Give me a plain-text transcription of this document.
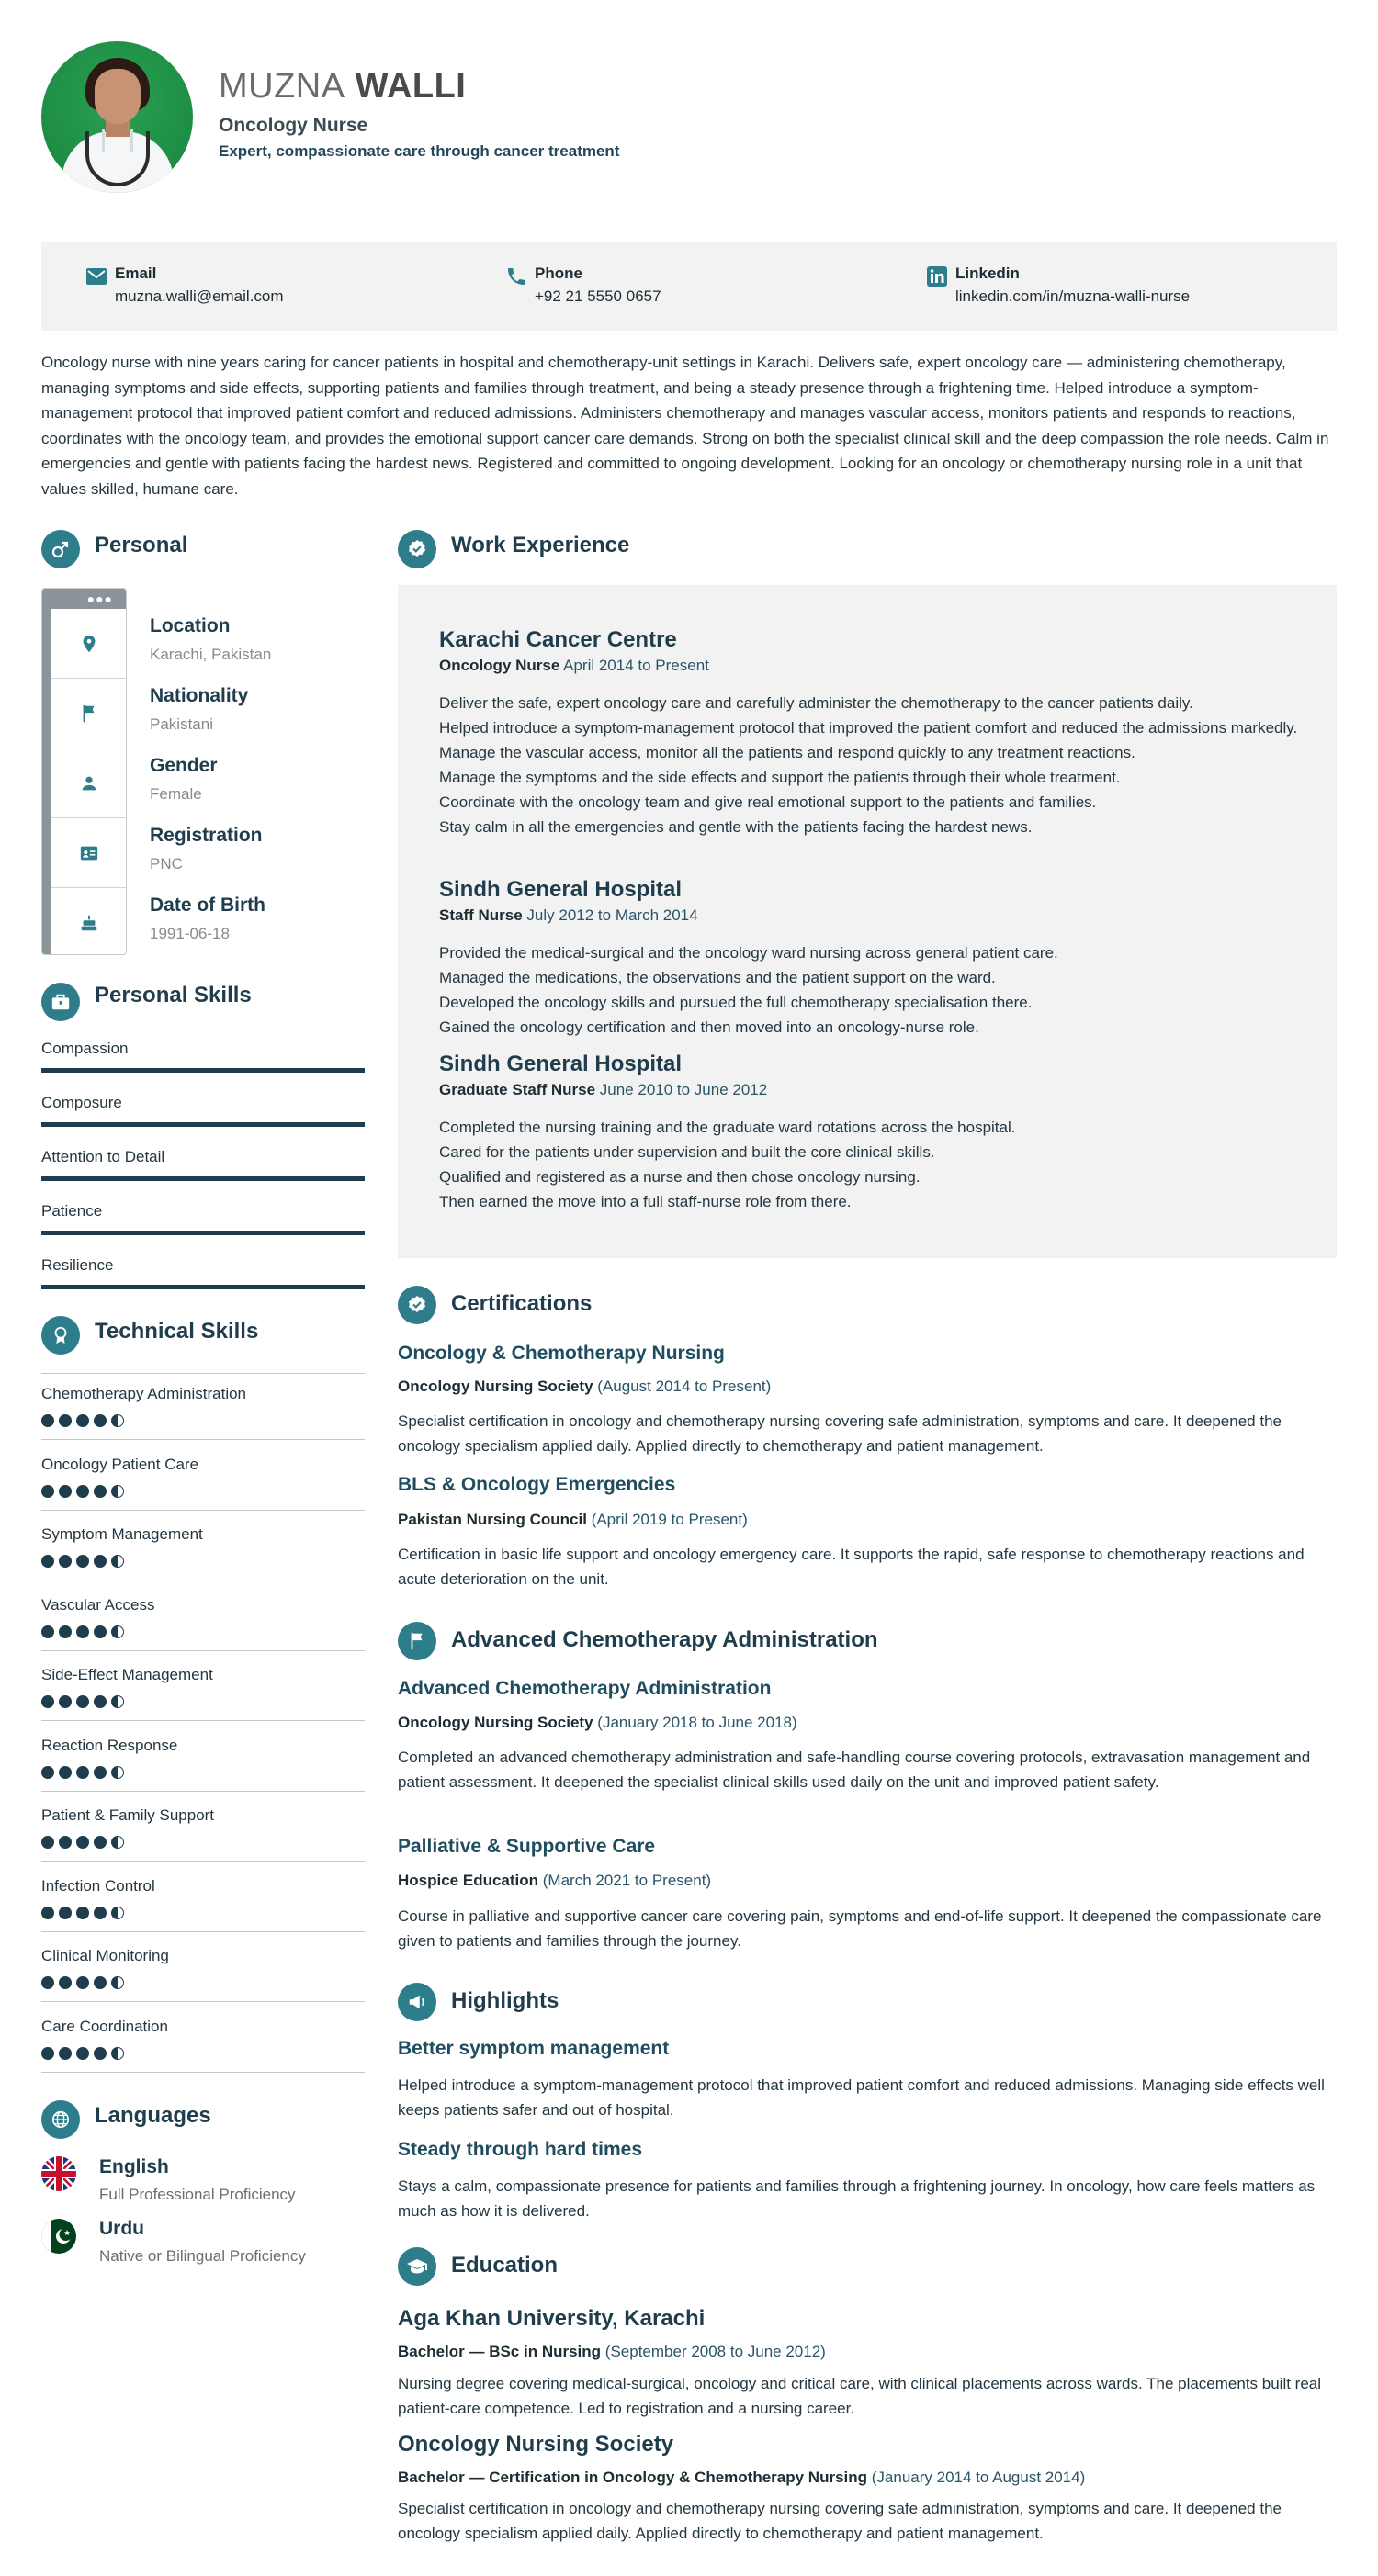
MUZNA WALLI
Oncology Nurse
Expert, compassionate care through cancer treatment
Email
muzna.walli@email.com
Phone
+92 21 5550 0657
Linkedin
linkedin.com/in/muzna-walli-nurse
Oncology nurse with nine years caring for cancer patients in hospital and chemotherapy-unit settings in Karachi. Delivers safe, expert oncology care — administering chemotherapy, managing symptoms and side effects, supporting patients and families through treatment, and being a steady presence through a frightening time. Helped introduce a symptom-management protocol that improved patient comfort and reduced admissions. Administers chemotherapy and manages vascular access, monitors patients and responds to reactions, coordinates with the oncology team, and provides the emotional support cancer care demands. Strong on both the specialist clinical skill and the deep compassion the role needs. Calm in emergencies and gentle with patients facing the hardest news. Registered and committed to ongoing development. Looking for an oncology or chemotherapy nursing role in a unit that values skilled, humane care.
Personal
●●●
Location
Karachi, Pakistan
Nationality
Pakistani
Gender
Female
Registration
PNC
Date of Birth
1991-06-18
Personal Skills
Compassion
Composure
Attention to Detail
Patience
Resilience
Technical Skills
Chemotherapy Administration
Oncology Patient Care
Symptom Management
Vascular Access
Side-Effect Management
Reaction Response
Patient & Family Support
Infection Control
Clinical Monitoring
Care Coordination
Languages
English
Full Professional Proficiency
Urdu
Native or Bilingual Proficiency
Work Experience
Karachi Cancer Centre
Oncology Nurse April 2014 to Present
Deliver the safe, expert oncology care and carefully administer the chemotherapy to the cancer patients daily.
Helped introduce a symptom-management protocol that improved the patient comfort and reduced the admissions markedly.
Manage the vascular access, monitor all the patients and respond quickly to any treatment reactions.
Manage the symptoms and the side effects and support the patients through their whole treatment.
Coordinate with the oncology team and give real emotional support to the patients and families.
Stay calm in all the emergencies and gentle with the patients facing the hardest news.
Sindh General Hospital
Staff Nurse July 2012 to March 2014
Provided the medical-surgical and the oncology ward nursing across general patient care.
Managed the medications, the observations and the patient support on the ward.
Developed the oncology skills and pursued the full chemotherapy specialisation there.
Gained the oncology certification and then moved into an oncology-nurse role.
Sindh General Hospital
Graduate Staff Nurse June 2010 to June 2012
Completed the nursing training and the graduate ward rotations across the hospital.
Cared for the patients under supervision and built the core clinical skills.
Qualified and registered as a nurse and then chose oncology nursing.
Then earned the move into a full staff-nurse role from there.
Certifications
Oncology & Chemotherapy Nursing
Oncology Nursing Society (August 2014 to Present)
Specialist certification in oncology and chemotherapy nursing covering safe administration, symptoms and care. It deepened the oncology specialism applied daily. Applied directly to chemotherapy and patient management.
BLS & Oncology Emergencies
Pakistan Nursing Council (April 2019 to Present)
Certification in basic life support and oncology emergency care. It supports the rapid, safe response to chemotherapy reactions and acute deterioration on the unit.
Advanced Chemotherapy Administration
Advanced Chemotherapy Administration
Oncology Nursing Society (January 2018 to June 2018)
Completed an advanced chemotherapy administration and safe-handling course covering protocols, extravasation management and patient assessment. It deepened the specialist clinical skills used daily on the unit and improved patient safety.
Palliative & Supportive Care
Hospice Education (March 2021 to Present)
Course in palliative and supportive cancer care covering pain, symptoms and end-of-life support. It deepened the compassionate care given to patients and families through the journey.
Highlights
Better symptom management
Helped introduce a symptom-management protocol that improved patient comfort and reduced admissions. Managing side effects well keeps patients safer and out of hospital.
Steady through hard times
Stays a calm, compassionate presence for patients and families through a frightening journey. In oncology, how care feels matters as much as how it is delivered.
Education
Aga Khan University, Karachi
Bachelor — BSc in Nursing (September 2008 to June 2012)
Nursing degree covering medical-surgical, oncology and critical care, with clinical placements across wards. The placements built real patient-care competence. Led to registration and a nursing career.
Oncology Nursing Society
Bachelor — Certification in Oncology & Chemotherapy Nursing (January 2014 to August 2014)
Specialist certification in oncology and chemotherapy nursing covering safe administration, symptoms and care. It deepened the oncology specialism applied daily. Applied directly to chemotherapy and patient management.
